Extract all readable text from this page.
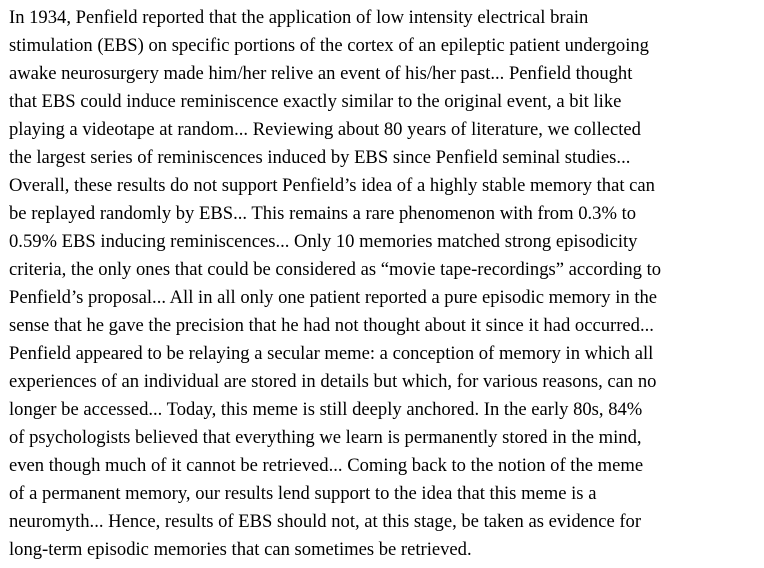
In 1934, Penfield reported that the application of low intensity electrical brain
stimulation (EBS) on specific portions of the cortex of an epileptic patient undergoing
awake neurosurgery made him/her relive an event of his/her past... Penfield thought
that EBS could induce reminiscence exactly similar to the original event, a bit like
playing a videotape at random... Reviewing about 80 years of literature, we collected
the largest series of reminiscences induced by EBS since Penfield seminal studies...
Overall, these results do not support Penfield’s idea of a highly stable memory that can
be replayed randomly by EBS... This remains a rare phenomenon with from 0.3% to
0.59% EBS inducing reminiscences... Only 10 memories matched strong episodicity
criteria, the only ones that could be considered as “movie tape-recordings” according to
Penfield’s proposal... All in all only one patient reported a pure episodic memory in the
sense that he gave the precision that he had not thought about it since it had occurred...
Penfield appeared to be relaying a secular meme: a conception of memory in which all
experiences of an individual are stored in details but which, for various reasons, can no
longer be accessed... Today, this meme is still deeply anchored. In the early 80s, 84%
of psychologists believed that everything we learn is permanently stored in the mind,
even though much of it cannot be retrieved... Coming back to the notion of the meme
of a permanent memory, our results lend support to the idea that this meme is a
neuromyth... Hence, results of EBS should not, at this stage, be taken as evidence for
long-term episodic memories that can sometimes be retrieved.
